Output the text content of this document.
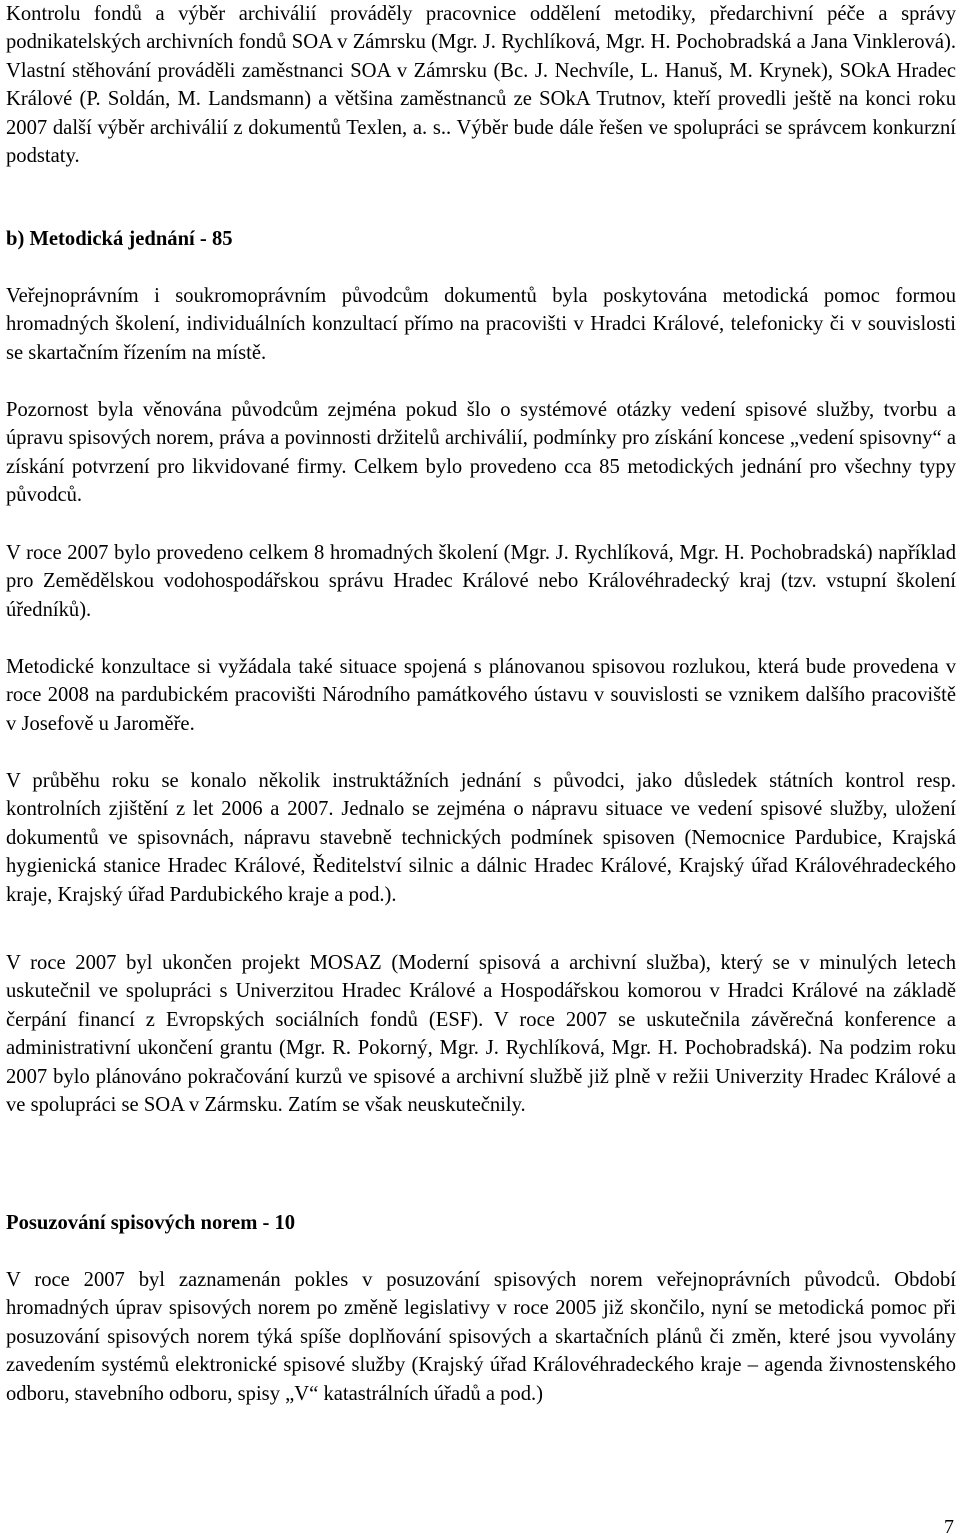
Kontrolu fondů a výběr archiválií prováděly pracovnice oddělení metodiky, předarchivní péče a správy podnikatelských archivních fondů SOA v Zámrsku (Mgr. J. Rychlíková, Mgr. H. Pochobradská a Jana Vinklerová). Vlastní stěhování prováděli zaměstnanci SOA v Zámrsku (Bc. J. Nechvíle, L. Hanuš, M. Krynek), SOkA Hradec Králové (P. Soldán, M. Landsmann) a většina zaměstnanců ze SOkA Trutnov, kteří provedli ještě na konci roku 2007 další výběr archiválií z dokumentů Texlen, a. s.. Výběr bude dále řešen ve spolupráci se správcem konkurzní podstaty.

b) Metodická jednání - 85

Veřejnoprávním i soukromoprávním původcům dokumentů byla poskytována metodická pomoc formou hromadných školení, individuálních konzultací přímo na pracovišti v Hradci Králové, telefonicky či v souvislosti se skartačním řízením na místě.

Pozornost byla věnována původcům zejména pokud šlo o systémové otázky vedení spisové služby, tvorbu a úpravu spisových norem, práva a povinnosti držitelů archiválií, podmínky pro získání koncese „vedení spisovny“ a získání potvrzení pro likvidované firmy. Celkem bylo provedeno cca 85 metodických jednání pro všechny typy původců.

V roce 2007 bylo provedeno celkem 8 hromadných školení (Mgr. J. Rychlíková, Mgr. H. Pochobradská) například pro Zemědělskou vodohospodářskou správu Hradec Králové nebo Královéhradecký kraj (tzv. vstupní školení úředníků).

Metodické konzultace si vyžádala také situace spojená s plánovanou spisovou rozlukou, která bude provedena v roce 2008 na pardubickém pracovišti Národního památkového ústavu v souvislosti se vznikem dalšího pracoviště v Josefově u Jaroměře.

V průběhu roku se konalo několik instruktážních jednání s původci, jako důsledek státních kontrol resp. kontrolních zjištění z let 2006 a 2007. Jednalo se zejména o nápravu situace ve vedení spisové služby, uložení dokumentů ve spisovnách, nápravu stavebně technických podmínek spisoven (Nemocnice Pardubice, Krajská hygienická stanice Hradec Králové, Ředitelství silnic a dálnic Hradec Králové, Krajský úřad Královéhradeckého kraje, Krajský úřad Pardubického kraje a pod.).

V roce 2007 byl ukončen projekt MOSAZ (Moderní spisová a archivní služba), který se v minulých letech uskutečnil ve spolupráci s Univerzitou Hradec Králové a Hospodářskou komorou v Hradci Králové na základě čerpání financí z Evropských sociálních fondů (ESF). V roce 2007 se uskutečnila závěrečná konference a administrativní ukončení grantu (Mgr. R. Pokorný, Mgr. J. Rychlíková, Mgr. H. Pochobradská). Na podzim roku 2007 bylo plánováno pokračování kurzů ve spisové a archivní službě již plně v režii Univerzity Hradec Králové a ve spolupráci se SOA v Zármsku. Zatím se však neuskutečnily.

Posuzování spisových norem - 10

V roce 2007 byl zaznamenán pokles v posuzování spisových norem veřejnoprávních původců. Období hromadných úprav spisových norem po změně legislativy v roce 2005 již skončilo, nyní se metodická pomoc při posuzování spisových norem týká spíše doplňování spisových a skartačních plánů či změn, které jsou vyvolány zavedením systémů elektronické spisové služby (Krajský úřad Královéhradeckého kraje – agenda živnostenského odboru, stavebního odboru, spisy „V“ katastrálních úřadů a pod.)

7
